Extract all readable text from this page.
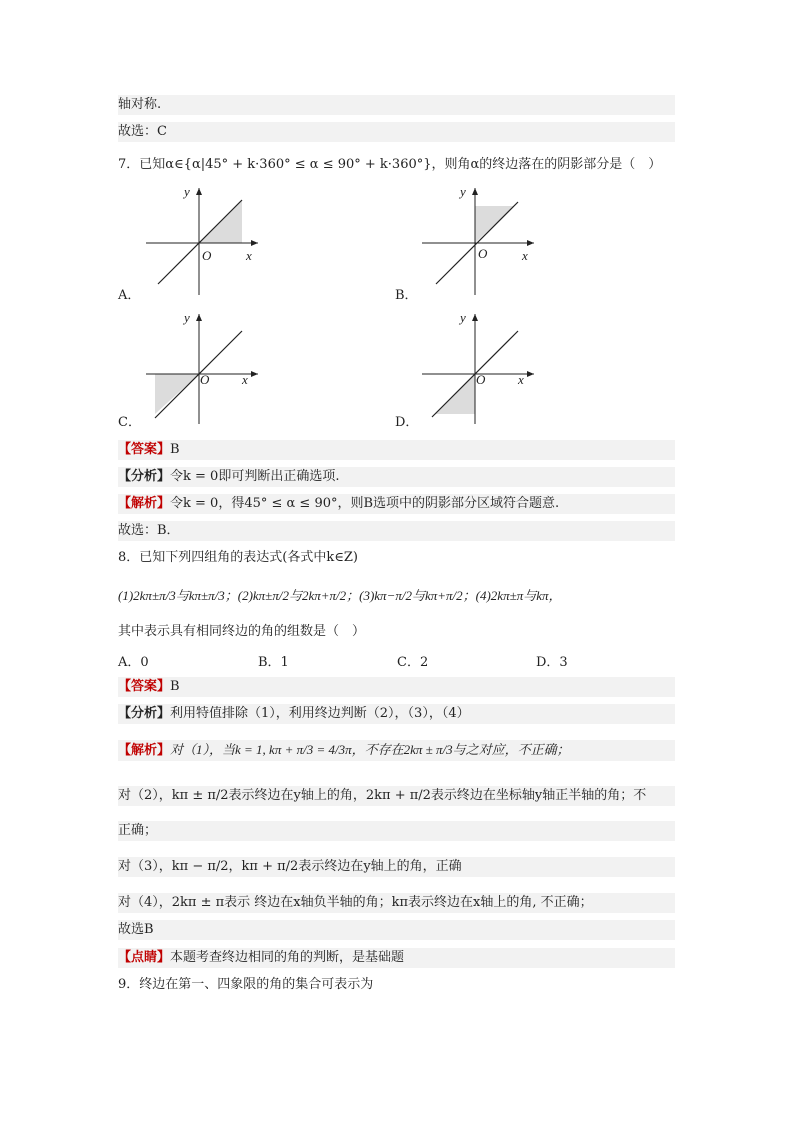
轴对称.
故选：C
7．已知α∈{α|45° + k·360° ≤ α ≤ 90° + k·360°}，则角α的终边落在的阴影部分是（　）
y
x
O
A．
y
x
O
B．
y
x
O
C．
y
x
O
D．
【答案】B
【分析】令k = 0即可判断出正确选项.
【解析】令k = 0，得45° ≤ α ≤ 90°，则B选项中的阴影部分区域符合题意.
故选：B．
8．已知下列四组角的表达式(各式中k∈Z)
(1)2kπ±π/3与kπ±π/3；(2)kπ±π/2与2kπ+π/2；(3)kπ−π/2与kπ+π/2；(4)2kπ±π与kπ，
其中表示具有相同终边的角的组数是（　）
A．0	B．1	C．2	D．3
【答案】B
【分析】利用特值排除（1），利用终边判断（2），（3），（4）
【解析】对（1），当k = 1, kπ + π/3 = 4/3π，不存在2kπ ± π/3与之对应，不正确；
对（2），kπ ± π/2表示终边在y轴上的角，2kπ + π/2表示终边在坐标轴y轴正半轴的角；不
正确；
对（3），kπ − π/2，kπ + π/2表示终边在y轴上的角，正确
对（4），2kπ ± π表示 终边在x轴负半轴的角；kπ表示终边在x轴上的角, 不正确；
故选B
【点睛】本题考查终边相同的角的判断，是基础题
9．终边在第一、四象限的角的集合可表示为
